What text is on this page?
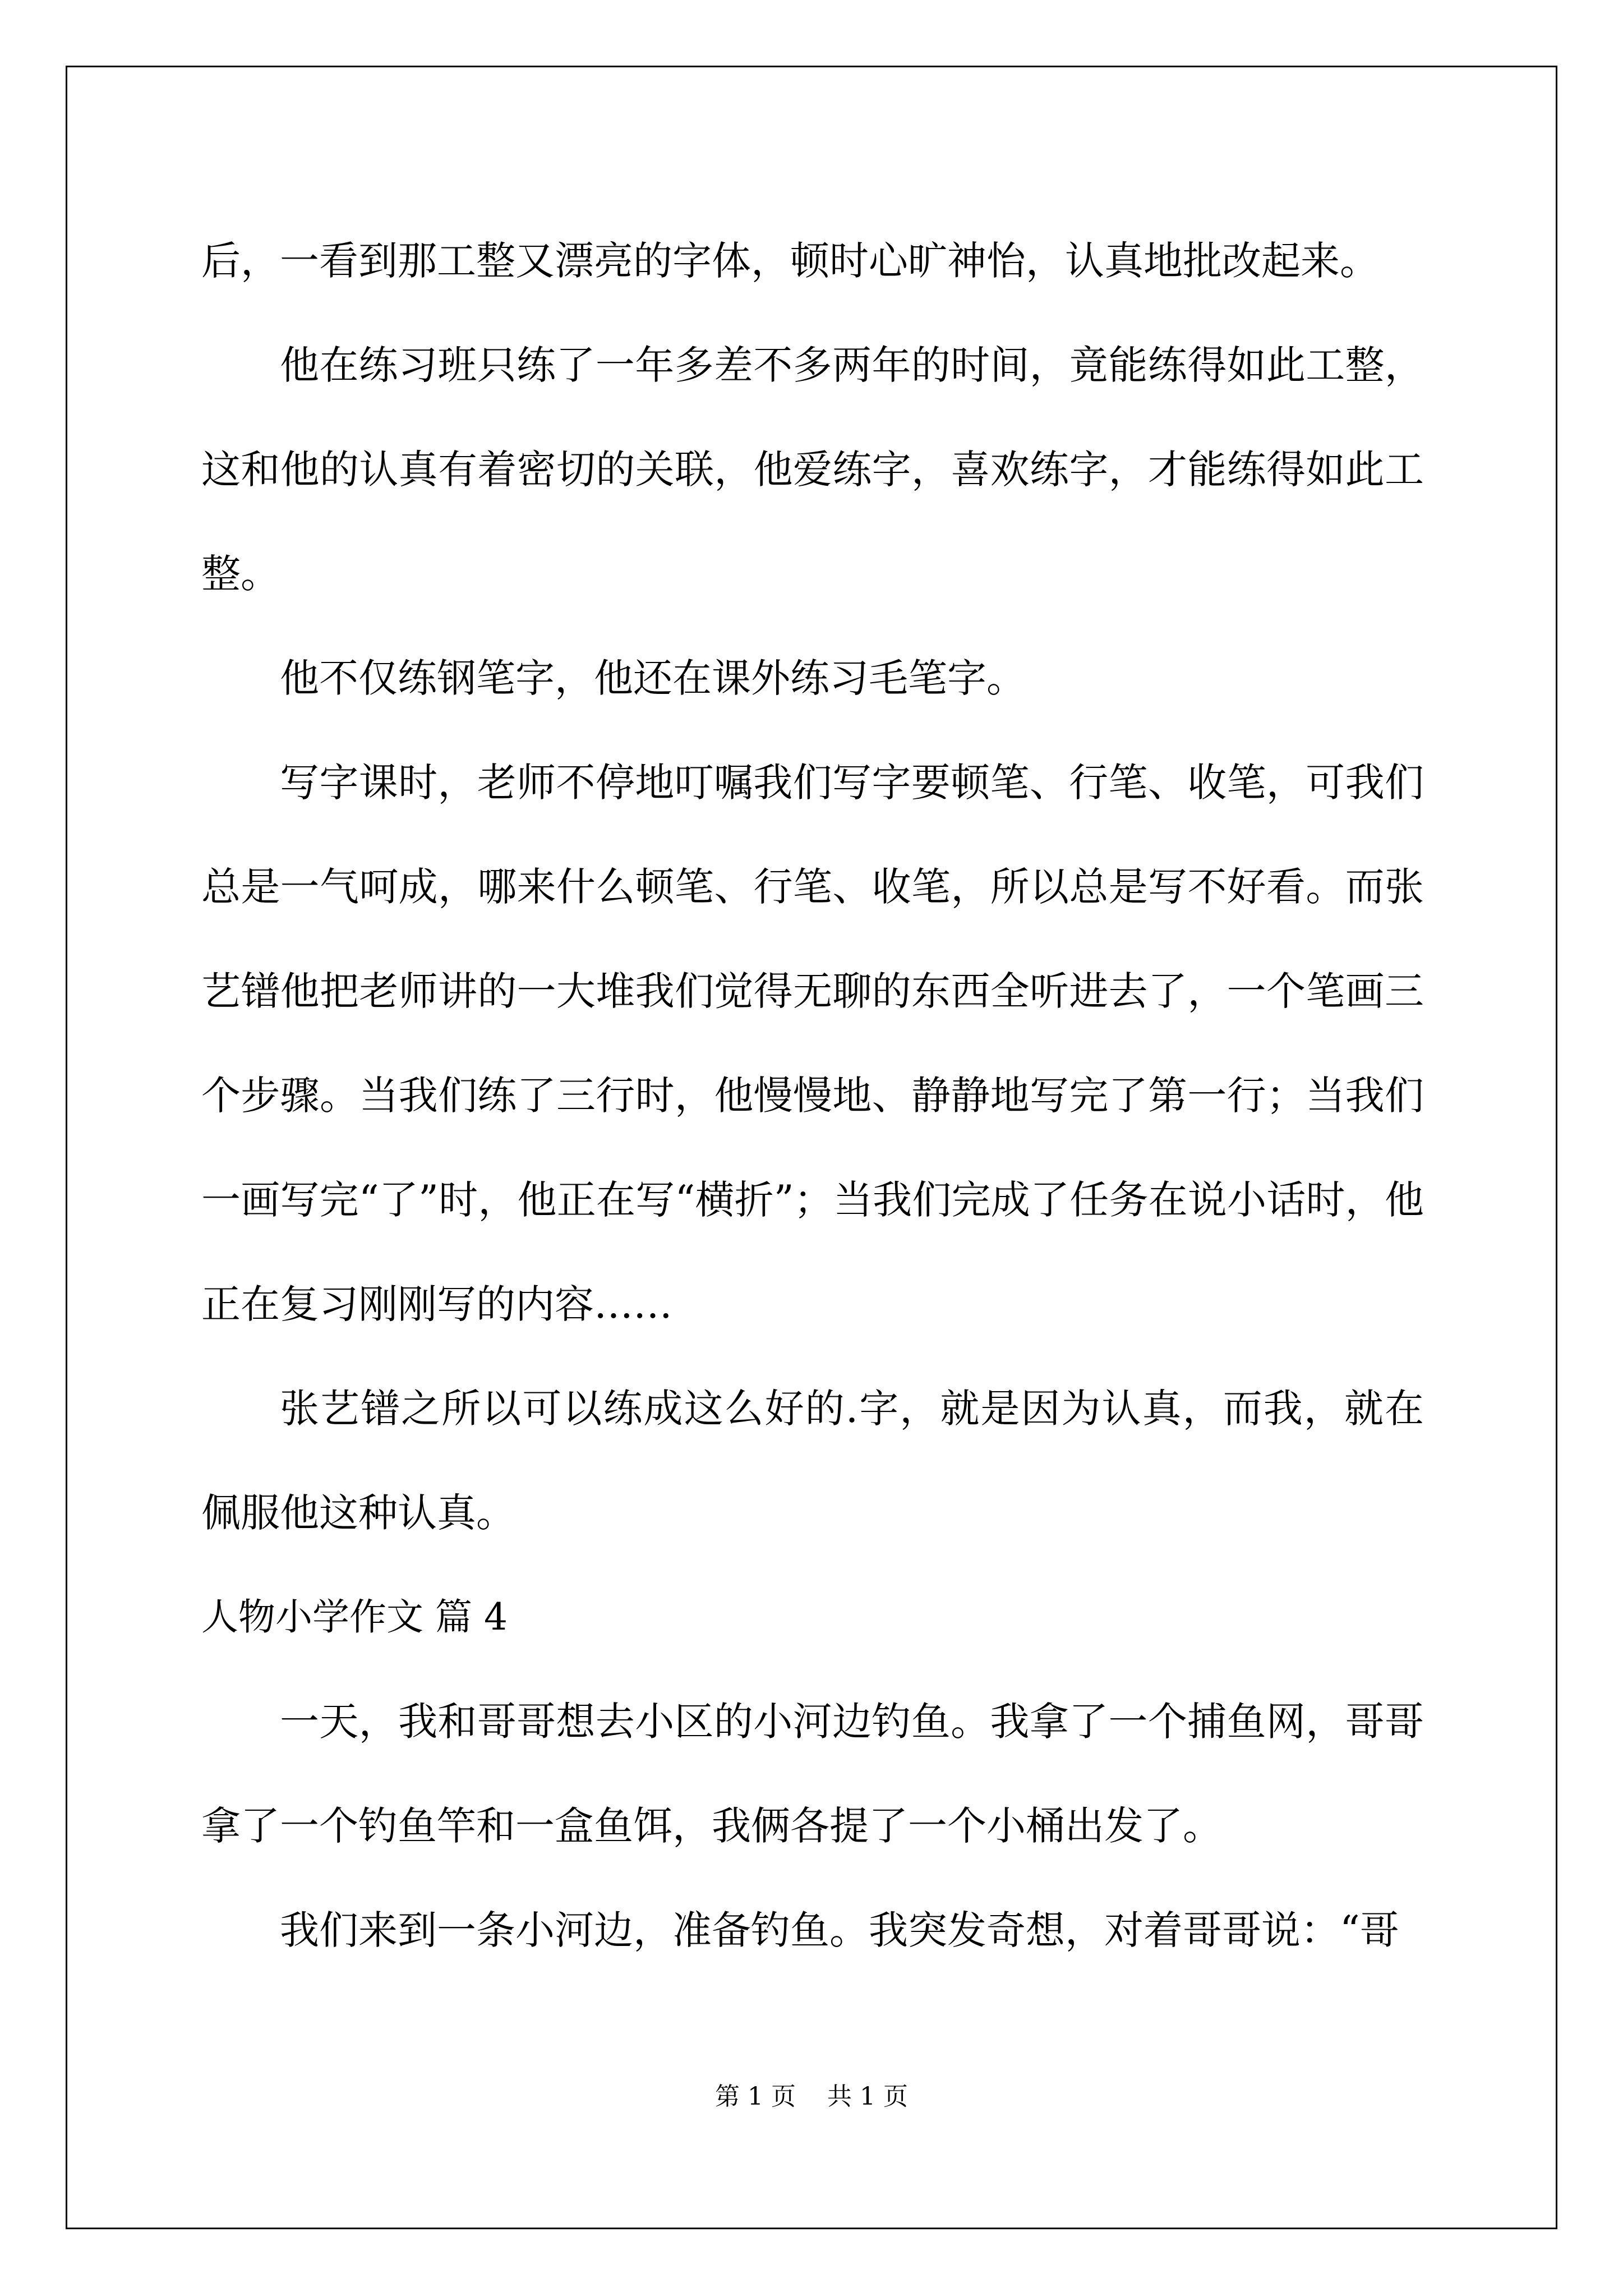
后，一看到那工整又漂亮的字体，顿时心旷神怡，认真地批改起来。

他在练习班只练了一年多差不多两年的时间，竟能练得如此工整，这和他的认真有着密切的关联，他爱练字，喜欢练字，才能练得如此工整。

他不仅练钢笔字，他还在课外练习毛笔字。

写字课时，老师不停地叮嘱我们写字要顿笔、行笔、收笔，可我们总是一气呵成，哪来什么顿笔、行笔、收笔，所以总是写不好看。而张艺镨他把老师讲的一大堆我们觉得无聊的东西全听进去了，一个笔画三个步骤。当我们练了三行时，他慢慢地、静静地写完了第一行；当我们一画写完“了”时，他正在写“横折”；当我们完成了任务在说小话时，他正在复习刚刚写的内容……

张艺镨之所以可以练成这么好的.字，就是因为认真，而我，就在佩服他这种认真。

人物小学作文 篇 4

一天，我和哥哥想去小区的小河边钓鱼。我拿了一个捕鱼网，哥哥拿了一个钓鱼竿和一盒鱼饵，我俩各提了一个小桶出发了。

我们来到一条小河边，准备钓鱼。我突发奇想，对着哥哥说：“哥

第 1 页 共 1 页
